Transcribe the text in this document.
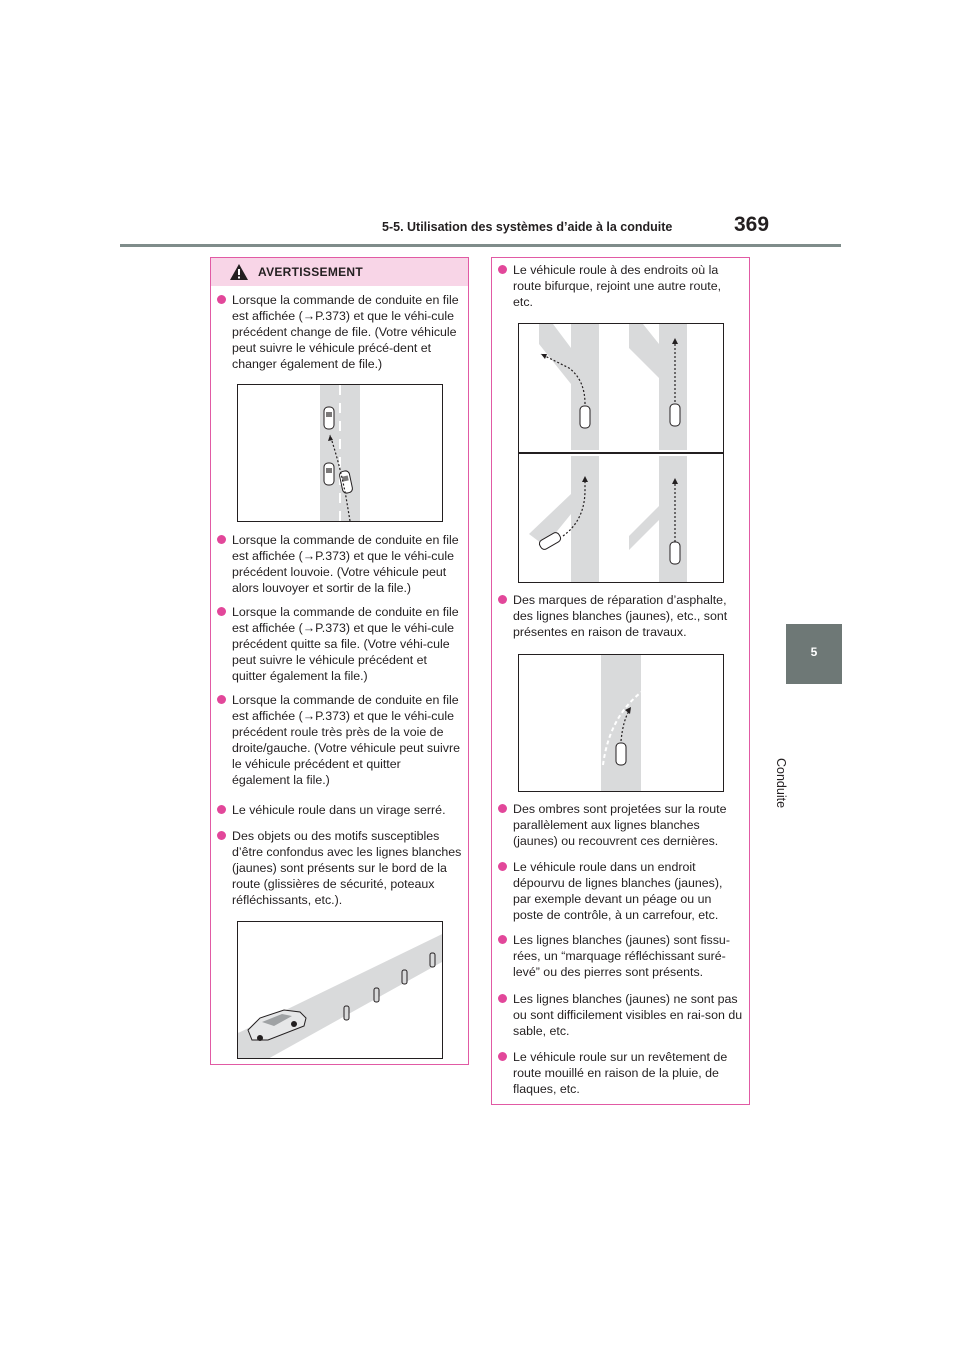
5-5. Utilisation des systèmes d’aide à la conduite	369
5
Conduite
AVERTISSEMENT
Lorsque la commande de conduite en file est affichée (→P.373) et que le véhi-cule précédent change de file. (Votre véhicule peut suivre le véhicule précé-dent et changer également de file.)
Lorsque la commande de conduite en file est affichée (→P.373) et que le véhi-cule précédent louvoie. (Votre véhicule peut alors louvoyer et sortir de la file.)
Lorsque la commande de conduite en file est affichée (→P.373) et que le véhi-cule précédent quitte sa file. (Votre véhi-cule peut suivre le véhicule précédent et quitter également la file.)
Lorsque la commande de conduite en file est affichée (→P.373) et que le véhi-cule précédent roule très près de la voie de droite/gauche. (Votre véhicule peut suivre le véhicule précédent et quitter également la file.)
Le véhicule roule dans un virage serré.
Des objets ou des motifs susceptibles d’être confondus avec les lignes blanches (jaunes) sont présents sur le bord de la route (glissières de sécurité, poteaux réfléchissants, etc.).
Le véhicule roule à des endroits où la route bifurque, rejoint une autre route, etc.
Des marques de réparation d’asphalte, des lignes blanches (jaunes), etc., sont présentes en raison de travaux.
Des ombres sont projetées sur la route parallèlement aux lignes blanches (jaunes) ou recouvrent ces dernières.
Le véhicule roule dans un endroit dépourvu de lignes blanches (jaunes), par exemple devant un péage ou un poste de contrôle, à un carrefour, etc.
Les lignes blanches (jaunes) sont fissu-rées, un “marquage réfléchissant suré-levé” ou des pierres sont présents.
Les lignes blanches (jaunes) ne sont pas ou sont difficilement visibles en rai-son du sable, etc.
Le véhicule roule sur un revêtement de route mouillé en raison de la pluie, de flaques, etc.
